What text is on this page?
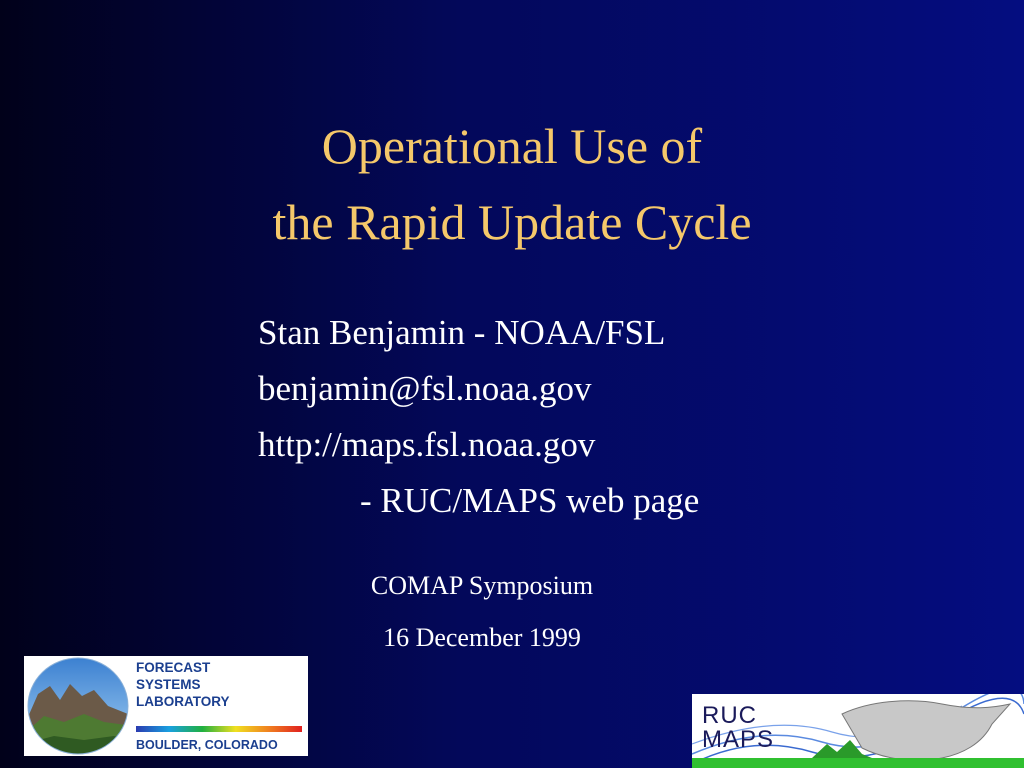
Operational Use of
the Rapid Update Cycle
Stan Benjamin - NOAA/FSL
benjamin@fsl.noaa.gov
http://maps.fsl.noaa.gov
- RUC/MAPS web page
COMAP Symposium
16 December 1999
FORECAST
SYSTEMS
LABORATORY
BOULDER, COLORADO
RUC
MAPS
